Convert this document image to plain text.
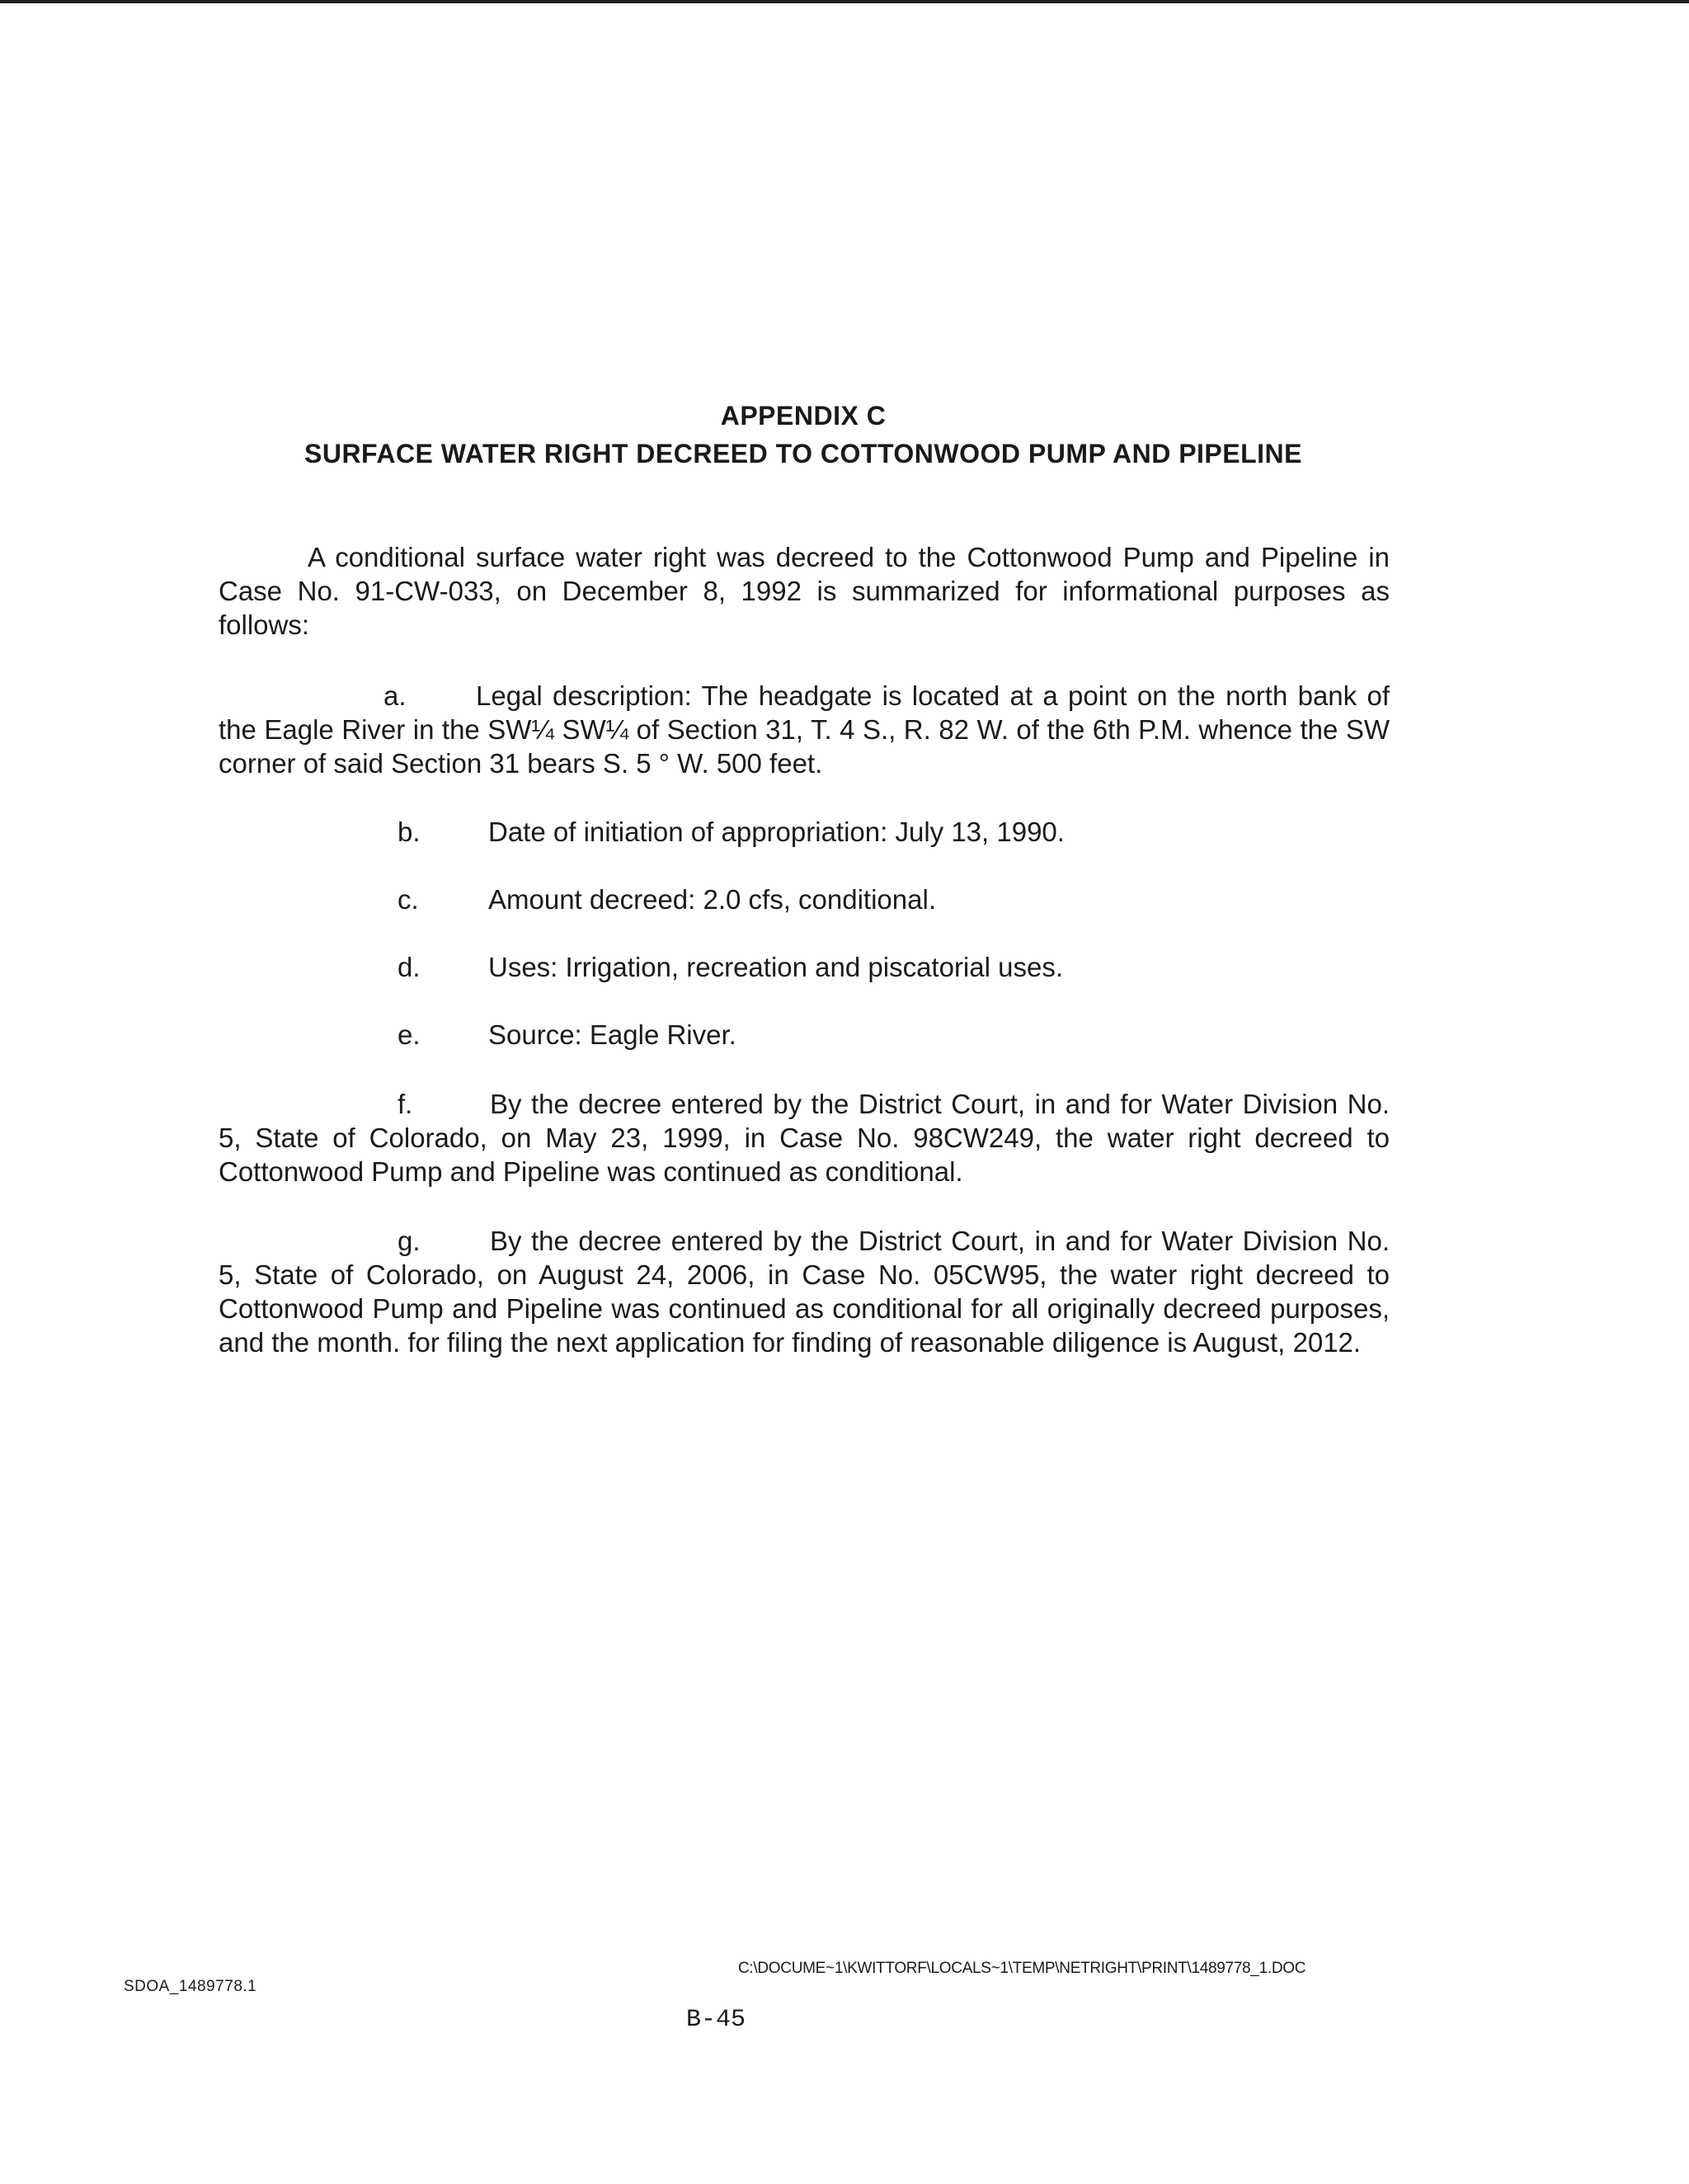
APPENDIX C
SURFACE WATER RIGHT DECREED TO COTTONWOOD PUMP AND PIPELINE
A conditional surface water right was decreed to the Cottonwood Pump and Pipeline in Case No. 91-CW-033, on December 8, 1992 is summarized for informational purposes as follows:
a.	Legal description: The headgate is located at a point on the north bank of the Eagle River in the SW¼ SW¼ of Section 31, T. 4 S., R. 82 W. of the 6th P.M. whence the SW corner of said Section 31 bears S. 5 ° W. 500 feet.
b. Date of initiation of appropriation: July 13, 1990.
c.	Amount decreed: 2.0 cfs, conditional.
d. Uses: Irrigation, recreation and piscatorial uses.
e. Source: Eagle River.
f.	By the decree entered by the District Court, in and for Water Division No. 5, State of Colorado, on May 23, 1999, in Case No. 98CW249, the water right decreed to Cottonwood Pump and Pipeline was continued as conditional.
g.	By the decree entered by the District Court, in and for Water Division No. 5, State of Colorado, on August 24, 2006, in Case No. 05CW95, the water right decreed to Cottonwood Pump and Pipeline was continued as conditional for all originally decreed purposes, and the month. for filing the next application for finding of reasonable diligence is August, 2012.
C:\DOCUME~1\KWITTORF\LOCALS~1\TEMP\NETRIGHT\PRINT\1489778_1.DOC
SDOA_1489778.1
B-45
